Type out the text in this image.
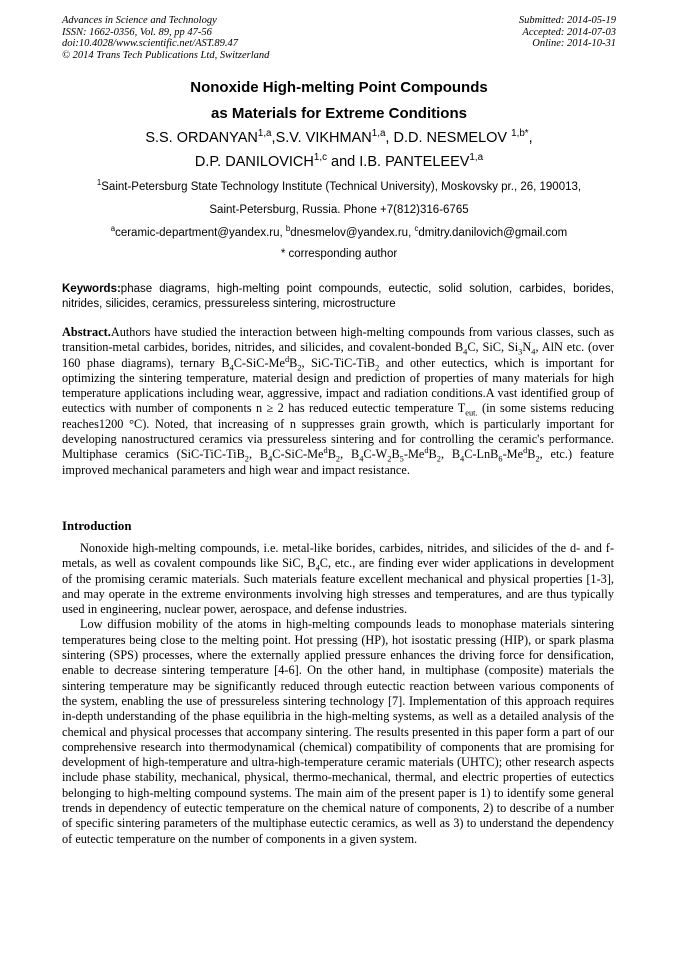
Advances in Science and Technology
ISSN: 1662-0356, Vol. 89, pp 47-56
doi:10.4028/www.scientific.net/AST.89.47
© 2014 Trans Tech Publications Ltd, Switzerland
Submitted: 2014-05-19
Accepted: 2014-07-03
Online: 2014-10-31
Nonoxide High-melting Point Compounds
as Materials for Extreme Conditions
S.S. ORDANYAN$^{1,a}$,S.V. VIKHMAN$^{1,a}$, D.D. NESMELOV $^{1,b*}$,
D.P. DANILOVICH$^{1,c}$ and I.B. PANTELEEV$^{1,a}$
$^1$Saint-Petersburg State Technology Institute (Technical University), Moskovsky pr., 26, 190013,
Saint-Petersburg, Russia. Phone +7(812)316-6765
$^a$ceramic-department@yandex.ru, $^b$dnesmelov@yandex.ru, $^c$dmitry.danilovich@gmail.com
* corresponding author
Keywords:phase diagrams, high-melting point compounds, eutectic, solid solution, carbides, borides, nitrides, silicides, ceramics, pressureless sintering, microstructure
Abstract.Authors have studied the interaction between high-melting compounds from various classes, such as transition-metal carbides, borides, nitrides, and silicides, and covalent-bonded $B_4C$, SiC, $Si_3N_4$, AlN etc. (over 160 phase diagrams), ternary $B_4C-SiC-Me^dB_2$, SiC-TiC-TiB$_2$ and other eutectics, which is important for optimizing the sintering temperature, material design and prediction of properties of many materials for high temperature applications including wear, aggressive, impact and radiation conditions.A vast identified group of eutectics with number of components n ≥ 2 has reduced eutectic temperature $T_{eut.}$ (in some sistems reducing reaches1200 °C). Noted, that increasing of n suppresses grain growth, which is particularly important for developing nanostructured ceramics via pressureless sintering and for controlling the ceramic's performance. Multiphase ceramics (SiC-TiC-TiB$_2$, $B_4C-SiC-Me^dB_2$, $B_4C-W_2B_5-Me^dB_2$, $B_4C-LnB_6-Me^dB_2$, etc.) feature improved mechanical parameters and high wear and impact resistance.
Introduction

Nonoxide high-melting compounds, i.e. metal-like borides, carbides, nitrides, and silicides of the d- and f-metals, as well as covalent compounds like SiC, $B_4C$, etc., are finding ever wider applications in development of the promising ceramic materials. Such materials feature excellent mechanical and physical properties [1-3], and may operate in the extreme environments involving high stresses and temperatures, and are thus typically used in engineering, nuclear power, aerospace, and defense industries.

Low diffusion mobility of the atoms in high-melting compounds leads to monophase materials sintering temperatures being close to the melting point. Hot pressing (HP), hot isostatic pressing (HIP), or spark plasma sintering (SPS) processes, where the externally applied pressure enhances the driving force for densification, enable to decrease sintering temperature [4-6]. On the other hand, in multiphase (composite) materials the sintering temperature may be significantly reduced through eutectic reaction between various components of the system, enabling the use of pressureless sintering technology [7]. Implementation of this approach requires in-depth understanding of the phase equilibria in the high-melting systems, as well as a detailed analysis of the chemical and physical processes that accompany sintering. The results presented in this paper form a part of our comprehensive research into thermodynamical (chemical) compatibility of components that are promising for development of high-temperature and ultra-high-temperature ceramic materials (UHTC); other research aspects include phase stability, mechanical, physical, thermo-mechanical, thermal, and electric properties of eutectics belonging to high-melting compound systems. The main aim of the present paper is 1) to identify some general trends in dependency of eutectic temperature on the chemical nature of components, 2) to describe of a number of specific sintering parameters of the multiphase eutectic ceramics, as well as 3) to understand the dependency of eutectic temperature on the number of components in a given system.
